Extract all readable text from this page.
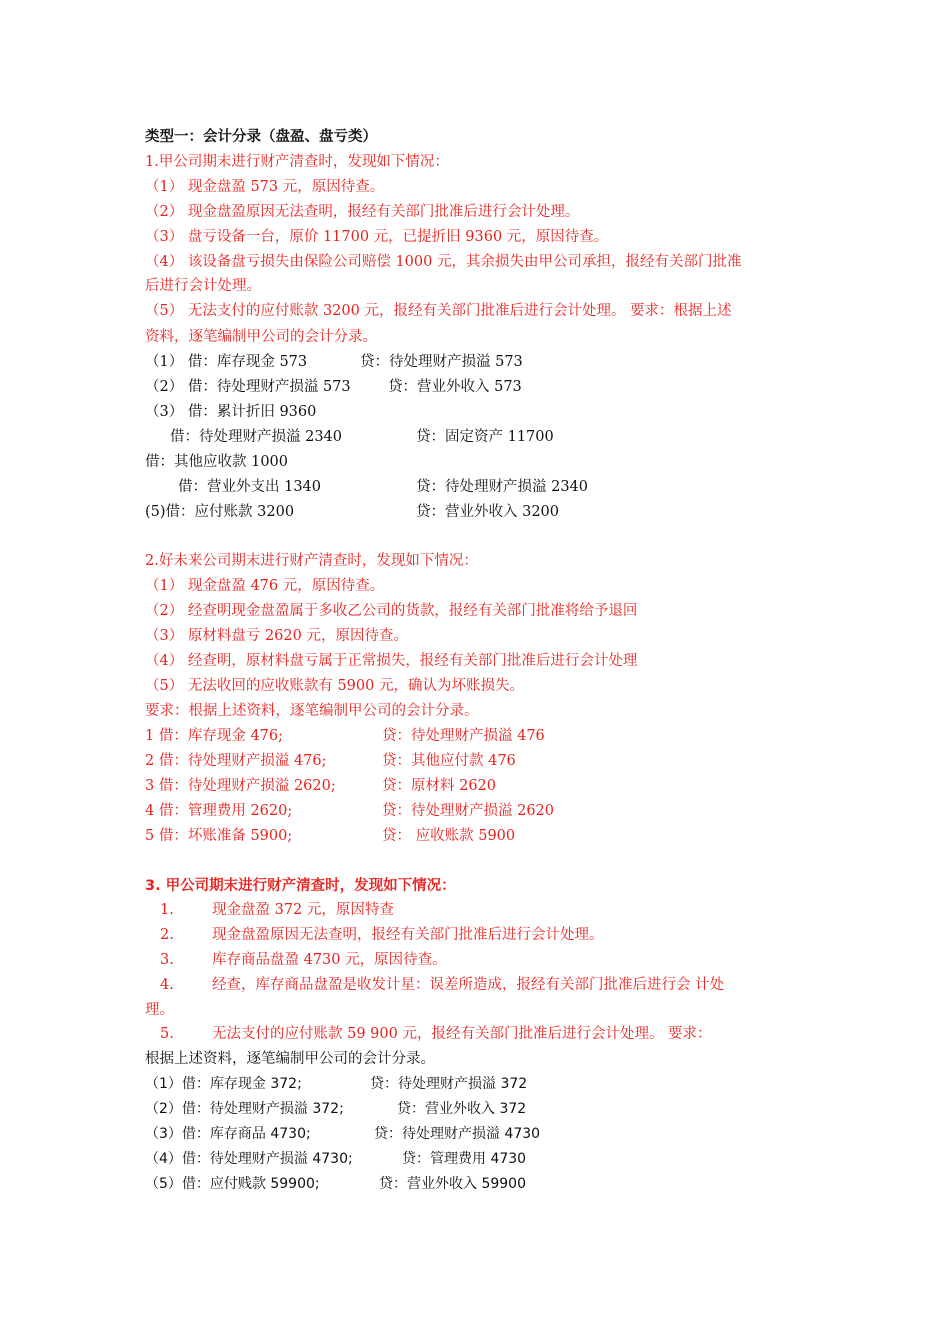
类型一：会计分录（盘盈、盘亏类）

1.甲公司期末进行财产清查时，发现如下情况：

（1） 现金盘盈 573 元，原因待查。

（2） 现金盘盈原因无法查明，报经有关部门批准后进行会计处理。

（3） 盘亏设备一台，原价 11700 元，已提折旧 9360 元，原因待查。

（4） 该设备盘亏损失由保险公司赔偿 1000 元，其余损失由甲公司承担，报经有关部门批准

后进行会计处理。

（5） 无法支付的应付账款 3200 元，报经有关部门批准后进行会计处理。 要求：根据上述

资料，逐笔编制甲公司的会计分录。

（1） 借：库存现金 573	贷：待处理财产损溢 573

（2） 借：待处理财产损溢 573	贷：营业外收入 573

（3） 借：累计折旧 9360

借：待处理财产损溢 2340	贷：固定资产 11700

借：其他应收款 1000

借：营业外支出 1340	贷：待处理财产损溢 2340

(5)借：应付账款 3200	贷：营业外收入 3200

2.好未来公司期末进行财产清查时，发现如下情况：

（1） 现金盘盈 476 元，原因待查。

（2） 经查明现金盘盈属于多收乙公司的货款，报经有关部门批准将给予退回

（3） 原材料盘亏 2620 元，原因待查。

（4） 经查明，原材料盘亏属于正常损失，报经有关部门批准后进行会计处理

（5） 无法收回的应收账款有 5900 元，确认为坏账损失。

要求：根据上述资料，逐笔编制甲公司的会计分录。

1 借：库存现金 476;	贷：待处理财产损溢 476

2 借：待处理财产损溢 476;	贷：其他应付款 476

3 借：待处理财产损溢 2620;	贷：原材料 2620

4 借：管理费用 2620;	贷：待处理财产损溢 2620

5 借：坏账准备 5900;	贷： 应收账款 5900

3. 甲公司期末进行财产清查时，发现如下情况：

1.	现金盘盈 372 元，原因特查

2.	现金盘盈原因无法查明，报经有关部门批准后进行会计处理。

3.	库存商品盘盈 4730 元，原因待查。

4.	经查，库存商品盘盈是收发计星：误差所造成，报经有关部门批准后进行会 计处

理。

5.	无法支付的应付账款 59 900 元，报经有关部门批准后进行会计处理。 要求：

根据上述资料，逐笔编制甲公司的会计分录。

（1）借：库存现金 372;	贷：待处理财产损溢 372

（2）借：待处理财产损溢 372;	贷：营业外收入 372

（3）借：库存商品 4730;	贷：待处理财产损溢 4730

（4）借：待处理财产损溢 4730;	贷：管理费用 4730

（5）借：应付贱款 59900;	贷：营业外收入 59900
